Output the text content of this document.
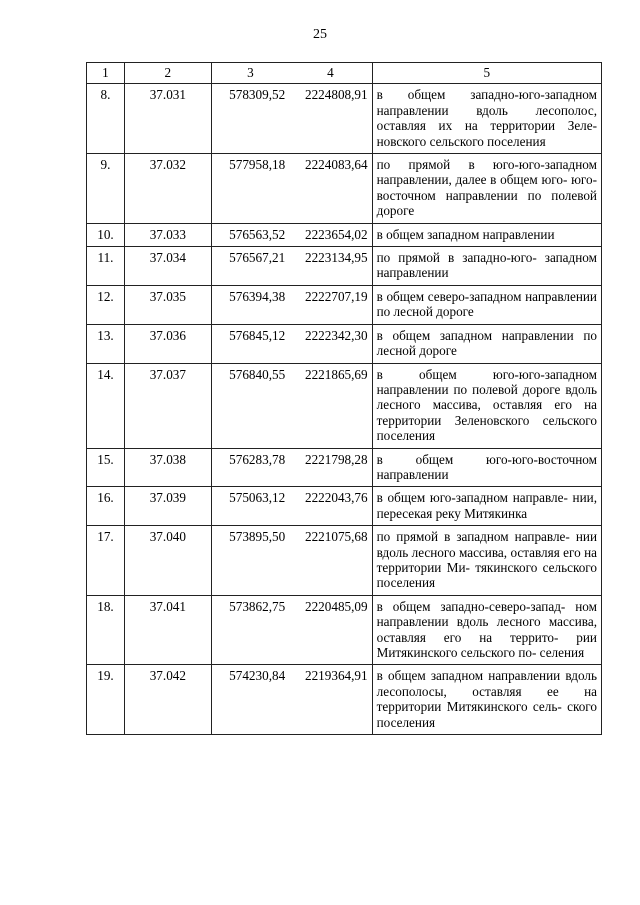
25
1	2	3	4	5
8.	37.031	578309,52	2224808,91	в общем западно-юго-западном направлении вдоль лесополос, оставляя их на территории Зеле- новского сельского поселения
9.	37.032	577958,18	2224083,64	по прямой в юго-юго-западном направлении, далее в общем юго- юго-восточном направлении по полевой дороге
10.	37.033	576563,52	2223654,02	в общем западном направлении
11.	37.034	576567,21	2223134,95	по прямой в западно-юго- западном направлении
12.	37.035	576394,38	2222707,19	в общем северо-западном направлении по лесной дороге
13.	37.036	576845,12	2222342,30	в общем западном направлении по лесной дороге
14.	37.037	576840,55	2221865,69	в общем юго-юго-западном направлении по полевой дороге вдоль лесного массива, оставляя его на территории Зеленовского сельского поселения
15.	37.038	576283,78	2221798,28	в общем юго-юго-восточном направлении
16.	37.039	575063,12	2222043,76	в общем юго-западном направле- нии, пересекая реку Митякинка
17.	37.040	573895,50	2221075,68	по прямой в западном направле- нии вдоль лесного массива, оставляя его на территории Ми- тякинского сельского поселения
18.	37.041	573862,75	2220485,09	в общем западно-северо-запад- ном направлении вдоль лесного массива, оставляя его на террито- рии Митякинского сельского по- селения
19.	37.042	574230,84	2219364,91	в общем западном направлении вдоль лесополосы, оставляя ее на территории Митякинского сель- ского поселения
